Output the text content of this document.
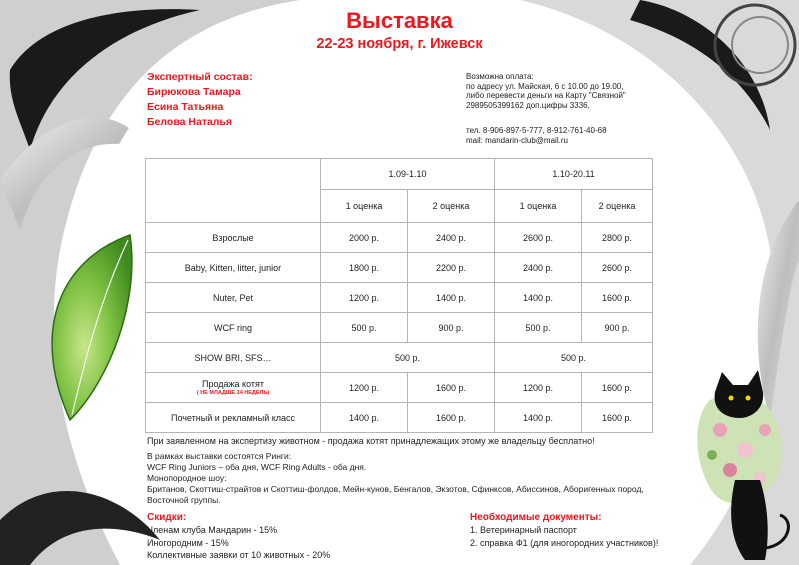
Выставка
22-23 ноября, г. Ижевск
Экспертный состав:
Бирюкова Тамара
Есина Татьяна
Белова Наталья
Возможна оплата:
по адресу ул. Майская, 6 с 10.00 до 19.00,
либо перевести деньги на Карту "Связной"
2989505399162 доп.цифры 3336,
тел. 8-906-897-5-777, 8-912-761-40-68
mail: mandarin-club@mail.ru
	1.09-1.10		1.10-20.11	
	1 оценка	2 оценка	1 оценка	2 оценка
Взрослые	2000 р.	2400 р.	2600 р.	2800 р.
Baby, Kitten, litter, junior	1800 р.	2200 р.	2400 р.	2600 р.
Nuter, Pet	1200 р.	1400 р.	1400 р.	1600 р.
WCF ring	500 р.	900 р.	500 р.	900 р.
SHOW BRI, SFS…	500 р.		500 р.	
Продажа котят
( НЕ МЛАДШЕ 14 НЕДЕЛЬ)	1200 р.	1600 р.	1200 р.	1600 р.
Почетный и рекламный класс	1400 р.	1600 р.	1400 р.	1600 р.
При заявленном на экспертизу животном - продажа котят принадлежащих этому же владельцу бесплатно!
В рамках выставки состоятся Ринги:
WCF Ring Juniors – оба дня, WCF Ring Adults - оба дня.
Монопородное шоу:
Британов, Скоттиш-страйтов и Скоттиш-фолдов, Мейн-кунов, Бенгалов, Экзотов, Сфинксов, Абиссинов, Аборигенных пород,
Восточной группы.
Скидки:
Членам клуба Мандарин - 15%
Иногородним - 15%
Коллективные заявки от 10 животных - 20%
Необходимые документы:
1. Ветеринарный паспорт
2. справка Ф1 (для иногородних участников)!
